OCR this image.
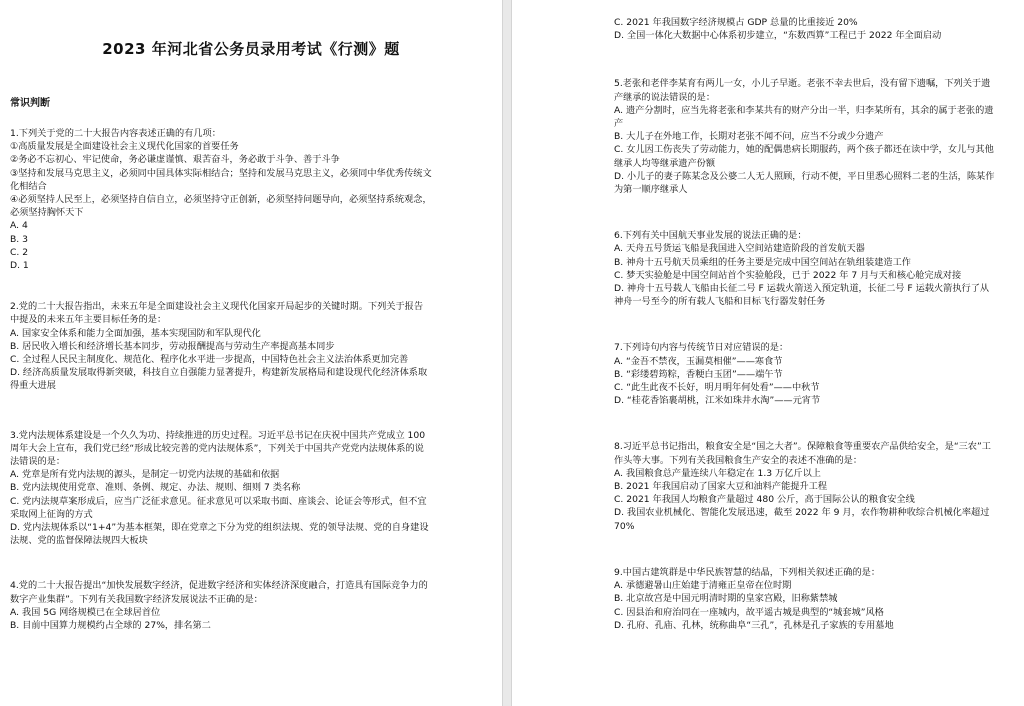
2023 年河北省公务员录用考试《行测》题
常识判断

1.下列关于党的二十大报告内容表述正确的有几项：

①高质量发展是全面建设社会主义现代化国家的首要任务

②务必不忘初心、牢记使命，务必谦虚谨慎、艰苦奋斗，务必敢于斗争、善于斗争

③坚持和发展马克思主义，必须同中国具体实际相结合；坚持和发展马克思主义，必须同中华优秀传统文化相结合

④必须坚持人民至上，必须坚持自信自立，必须坚持守正创新，必须坚持问题导向，必须坚持系统观念，必须坚持胸怀天下

A. 4

B. 3

C. 2

D. 1

2.党的二十大报告指出，未来五年是全面建设社会主义现代化国家开局起步的关键时期。下列关于报告中提及的未来五年主要目标任务的是：

A. 国家安全体系和能力全面加强，基本实现国防和军队现代化

B. 居民收入增长和经济增长基本同步，劳动报酬提高与劳动生产率提高基本同步

C. 全过程人民民主制度化、规范化、程序化水平进一步提高，中国特色社会主义法治体系更加完善

D. 经济高质量发展取得新突破，科技自立自强能力显著提升，构建新发展格局和建设现代化经济体系取得重大进展

3.党内法规体系建设是一个久久为功、持续推进的历史过程。习近平总书记在庆祝中国共产党成立 100 周年大会上宣布，我们党已经“形成比较完善的党内法规体系”，下列关于中国共产党党内法规体系的说法错误的是：

A. 党章是所有党内法规的源头，是制定一切党内法规的基础和依据

B. 党内法规使用党章、准则、条例、规定、办法、规则、细则 7 类名称

C. 党内法规草案形成后，应当广泛征求意见。征求意见可以采取书面、座谈会、论证会等形式，但不宜采取网上征询的方式

D. 党内法规体系以“1+4”为基本框架，即在党章之下分为党的组织法规、党的领导法规、党的自身建设法规、党的监督保障法规四大板块

4.党的二十大报告提出“加快发展数字经济，促进数字经济和实体经济深度融合，打造具有国际竞争力的数字产业集群”。下列有关我国数字经济发展说法不正确的是：

A. 我国 5G 网络规模已在全球居首位

B. 目前中国算力规模约占全球的 27%，排名第二

C. 2021 年我国数字经济规模占 GDP 总量的比重接近 20%

D. 全国一体化大数据中心体系初步建立，“东数西算”工程已于 2022 年全面启动

5.老张和老伴李某育有两儿一女，小儿子早逝。老张不幸去世后，没有留下遗嘱，下列关于遗产继承的说法错误的是：

A. 遗产分割时，应当先将老张和李某共有的财产分出一半，归李某所有，其余的属于老张的遗产

B. 大儿子在外地工作，长期对老张不闻不问，应当不分或少分遗产

C. 女儿因工伤丧失了劳动能力，她的配偶患病长期服药，两个孩子都还在读中学，女儿与其他继承人均等继承遗产份额

D. 小儿子的妻子陈某念及公婆二人无人照顾，行动不便，平日里悉心照料二老的生活，陈某作为第一顺序继承人

6.下列有关中国航天事业发展的说法正确的是：

A. 天舟五号货运飞船是我国进入空间站建造阶段的首发航天器

B. 神舟十五号航天员乘组的任务主要是完成中国空间站在轨组装建造工作

C. 梦天实验舱是中国空间站首个实验舱段，已于 2022 年 7 月与天和核心舱完成对接

D. 神舟十五号载人飞船由长征二号 F 运载火箭送入预定轨道，长征二号 F 运载火箭执行了从神舟一号至今的所有载人飞船和目标飞行器发射任务

7.下列诗句内容与传统节日对应错误的是：

A. “金吾不禁夜，玉漏莫相催”——寒食节

B. “彩缕碧筠粽，香粳白玉团”——端午节

C. “此生此夜不长好，明月明年何处看”——中秋节

D. “桂花香馅裹胡桃，江米如珠井水淘”——元宵节

8.习近平总书记指出，粮食安全是“国之大者”。保障粮食等重要农产品供给安全，是“三农”工作头等大事。下列有关我国粮食生产安全的表述不准确的是：

A. 我国粮食总产量连续八年稳定在 1.3 万亿斤以上

B. 2021 年我国启动了国家大豆和油料产能提升工程

C. 2021 年我国人均粮食产量超过 480 公斤，高于国际公认的粮食安全线

D. 我国农业机械化、智能化发展迅速，截至 2022 年 9 月，农作物耕种收综合机械化率超过 70%

9.中国古建筑群是中华民族智慧的结晶，下列相关叙述正确的是：

A. 承德避暑山庄始建于清雍正皇帝在位时期

B. 北京故宫是中国元明清时期的皇家宫殿，旧称紫禁城

C. 因县治和府治同在一座城内，故平遥古城是典型的“城套城”风格

D. 孔府、孔庙、孔林，统称曲阜“三孔”，孔林是孔子家族的专用墓地
